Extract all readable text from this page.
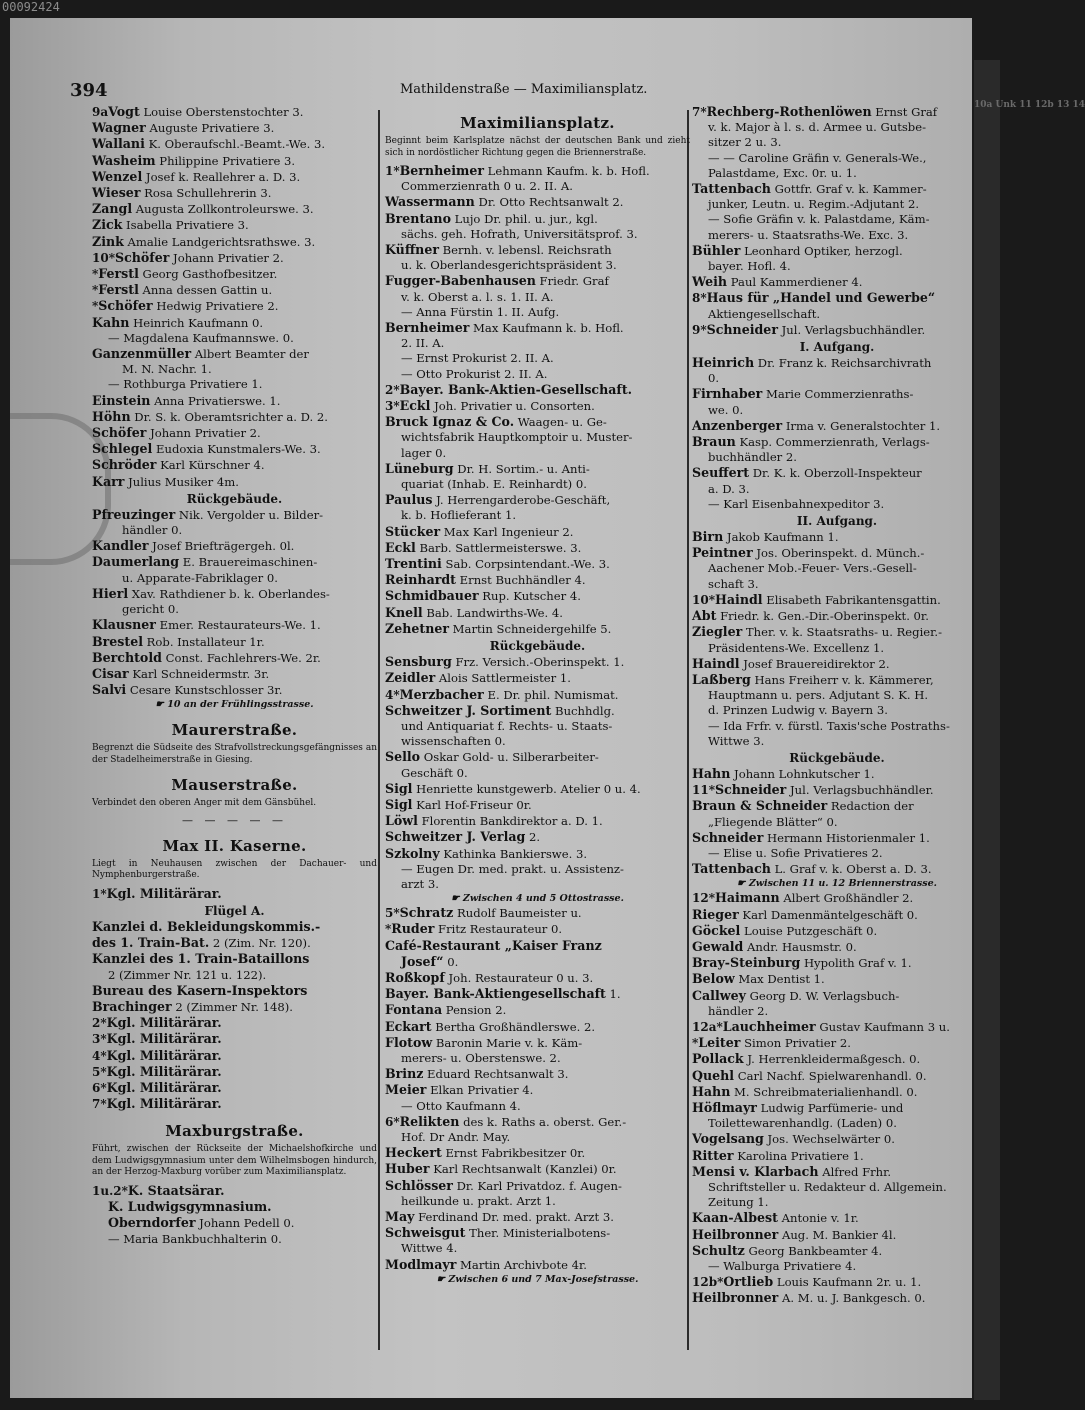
00092424
394	Mathildenstraße — Maximiliansplatz.
9aVogt Louise Oberstenstochter 3.
Wagner Auguste Privatiere 3.
Wallani K. Oberaufschl.-Beamt.-We. 3.
Washeim Philippine Privatiere 3.
Wenzel Josef k. Reallehrer a. D. 3.
Wieser Rosa Schullehrerin 3.
Zangl Augusta Zollkontroleurswe. 3.
Zick Isabella Privatiere 3.
Zink Amalie Landgerichtsrathswe. 3.
10*Schöfer Johann Privatier 2.
*Ferstl Georg Gasthofbesitzer.
*Ferstl Anna dessen Gattin u.
*Schöfer Hedwig Privatiere 2.
Kahn Heinrich Kaufmann 0.
— Magdalena Kaufmannswe. 0.
Ganzenmüller Albert Beamter der
M. N. Nachr. 1.
— Rothburga Privatiere 1.
Einstein Anna Privatierswe. 1.
Höhn Dr. S. k. Oberamtsrichter a. D. 2.
Schöfer Johann Privatier 2.
Schlegel Eudoxia Kunstmalers-We. 3.
Schröder Karl Kürschner 4.
Karr Julius Musiker 4m.
Rückgebäude.
Pfreuzinger Nik. Vergolder u. Bilder-
händler 0.
Kandler Josef Briefträgergeh. 0l.
Daumerlang E. Brauereimaschinen-
u. Apparate-Fabriklager 0.
Hierl Xav. Rathdiener b. k. Oberlandes-
gericht 0.
Klausner Emer. Restaurateurs-We. 1.
Brestel Rob. Installateur 1r.
Berchtold Const. Fachlehrers-We. 2r.
Cisar Karl Schneidermstr. 3r.
Salvi Cesare Kunstschlosser 3r.
☛ 10 an der Frühlingsstrasse.
Maurerstraße.
Begrenzt die Südseite des Strafvollstreckungsgefängnisses an der Stadelheimerstraße in Giesing.
Mauserstraße.
Verbindet den oberen Anger mit dem Gänsbühel.
— — — — —
Max II. Kaserne.
Liegt in Neuhausen zwischen der Dachauer- und Nymphenburgerstraße.
1*Kgl. Militärärar.
Flügel A.
Kanzlei d. Bekleidungskommis.-
des 1. Train-Bat. 2 (Zim. Nr. 120).
Kanzlei des 1. Train-Bataillons
2 (Zimmer Nr. 121 u. 122).
Bureau des Kasern-Inspektors
Brachinger 2 (Zimmer Nr. 148).
2*Kgl. Militärärar.
3*Kgl. Militärärar.
4*Kgl. Militärärar.
5*Kgl. Militärärar.
6*Kgl. Militärärar.
7*Kgl. Militärärar.
Maxburgstraße.
Führt, zwischen der Rückseite der Michaelshofkirche und dem Ludwigsgymnasium unter dem Wilhelmsbogen hindurch, an der Herzog-Maxburg vorüber zum Maximiliansplatz.
1u.2*K. Staatsärar.
K. Ludwigsgymnasium.
Oberndorfer Johann Pedell 0.
— Maria Bankbuchhalterin 0.
Maximiliansplatz.
Beginnt beim Karlsplatze nächst der deutschen Bank und zieht sich in nordöstlicher Richtung gegen die Briennerstraße.
1*Bernheimer Lehmann Kaufm. k. b. Hofl.
Commerzienrath 0 u. 2. II. A.
Wassermann Dr. Otto Rechtsanwalt 2.
Brentano Lujo Dr. phil. u. jur., kgl.
sächs. geh. Hofrath, Universitätsprof. 3.
Küffner Bernh. v. lebensl. Reichsrath
u. k. Oberlandesgerichtspräsident 3.
Fugger-Babenhausen Friedr. Graf
v. k. Oberst a. l. s. 1. II. A.
— Anna Fürstin 1. II. Aufg.
Bernheimer Max Kaufmann k. b. Hofl.
2. II. A.
— Ernst Prokurist 2. II. A.
— Otto Prokurist 2. II. A.
2*Bayer. Bank-Aktien-Gesellschaft.
3*Eckl Joh. Privatier u. Consorten.
Bruck Ignaz & Co. Waagen- u. Ge-
wichtsfabrik Hauptkomptoir u. Muster-
lager 0.
Lüneburg Dr. H. Sortim.- u. Anti-
quariat (Inhab. E. Reinhardt) 0.
Paulus J. Herrengarderobe-Geschäft,
k. b. Hoflieferant 1.
Stücker Max Karl Ingenieur 2.
Eckl Barb. Sattlermeisterswe. 3.
Trentini Sab. Corpsintendant.-We. 3.
Reinhardt Ernst Buchhändler 4.
Schmidbauer Rup. Kutscher 4.
Knell Bab. Landwirths-We. 4.
Zehetner Martin Schneidergehilfe 5.
Rückgebäude.
Sensburg Frz. Versich.-Oberinspekt. 1.
Zeidler Alois Sattlermeister 1.
4*Merzbacher E. Dr. phil. Numismat.
Schweitzer J. Sortiment Buchhdlg.
und Antiquariat f. Rechts- u. Staats-
wissenschaften 0.
Sello Oskar Gold- u. Silberarbeiter-
Geschäft 0.
Sigl Henriette kunstgewerb. Atelier 0 u. 4.
Sigl Karl Hof-Friseur 0r.
Löwl Florentin Bankdirektor a. D. 1.
Schweitzer J. Verlag 2.
Szkolny Kathinka Bankierswe. 3.
— Eugen Dr. med. prakt. u. Assistenz-
arzt 3.
☛ Zwischen 4 und 5 Ottostrasse.
5*Schratz Rudolf Baumeister u.
*Ruder Fritz Restaurateur 0.
Café-Restaurant „Kaiser Franz
Josef“ 0.
Roßkopf Joh. Restaurateur 0 u. 3.
Bayer. Bank-Aktiengesellschaft 1.
Fontana Pension 2.
Eckart Bertha Großhändlerswe. 2.
Flotow Baronin Marie v. k. Käm-
merers- u. Oberstenswe. 2.
Brinz Eduard Rechtsanwalt 3.
Meier Elkan Privatier 4.
— Otto Kaufmann 4.
6*Relikten des k. Raths a. oberst. Ger.-
Hof. Dr Andr. May.
Heckert Ernst Fabrikbesitzer 0r.
Huber Karl Rechtsanwalt (Kanzlei) 0r.
Schlösser Dr. Karl Privatdoz. f. Augen-
heilkunde u. prakt. Arzt 1.
May Ferdinand Dr. med. prakt. Arzt 3.
Schweisgut Ther. Ministerialbotens-
Wittwe 4.
Modlmayr Martin Archivbote 4r.
☛ Zwischen 6 und 7 Max-Josefstrasse.
7*Rechberg-Rothenlöwen Ernst Graf
v. k. Major à l. s. d. Armee u. Gutsbe-
sitzer 2 u. 3.
— — Caroline Gräfin v. Generals-We.,
Palastdame, Exc. 0r. u. 1.
Tattenbach Gottfr. Graf v. k. Kammer-
junker, Leutn. u. Regim.-Adjutant 2.
— Sofie Gräfin v. k. Palastdame, Käm-
merers- u. Staatsraths-We. Exc. 3.
Bühler Leonhard Optiker, herzogl.
bayer. Hofl. 4.
Weih Paul Kammerdiener 4.
8*Haus für „Handel und Gewerbe“
Aktiengesellschaft.
9*Schneider Jul. Verlagsbuchhändler.
I. Aufgang.
Heinrich Dr. Franz k. Reichsarchivrath
0.
Firnhaber Marie Commerzienraths-
we. 0.
Anzenberger Irma v. Generalstochter 1.
Braun Kasp. Commerzienrath, Verlags-
buchhändler 2.
Seuffert Dr. K. k. Oberzoll-Inspekteur
a. D. 3.
— Karl Eisenbahnexpeditor 3.
II. Aufgang.
Birn Jakob Kaufmann 1.
Peintner Jos. Oberinspekt. d. Münch.-
Aachener Mob.-Feuer- Vers.-Gesell-
schaft 3.
10*Haindl Elisabeth Fabrikantensgattin.
Abt Friedr. k. Gen.-Dir.-Oberinspekt. 0r.
Ziegler Ther. v. k. Staatsraths- u. Regier.-
Präsidentens-We. Excellenz 1.
Haindl Josef Brauereidirektor 2.
Laßberg Hans Freiherr v. k. Kämmerer,
Hauptmann u. pers. Adjutant S. K. H.
d. Prinzen Ludwig v. Bayern 3.
— Ida Frfr. v. fürstl. Taxis'sche Postraths-
Wittwe 3.
Rückgebäude.
Hahn Johann Lohnkutscher 1.
11*Schneider Jul. Verlagsbuchhändler.
Braun & Schneider Redaction der
„Fliegende Blätter“ 0.
Schneider Hermann Historienmaler 1.
— Elise u. Sofie Privatieres 2.
Tattenbach L. Graf v. k. Oberst a. D. 3.
☛ Zwischen 11 u. 12 Briennerstrasse.
12*Haimann Albert Großhändler 2.
Rieger Karl Damenmäntelgeschäft 0.
Göckel Louise Putzgeschäft 0.
Gewald Andr. Hausmstr. 0.
Bray-Steinburg Hypolith Graf v. 1.
Below Max Dentist 1.
Callwey Georg D. W. Verlagsbuch-
händler 2.
12a*Lauchheimer Gustav Kaufmann 3 u.
*Leiter Simon Privatier 2.
Pollack J. Herrenkleidermaßgesch. 0.
Quehl Carl Nachf. Spielwarenhandl. 0.
Hahn M. Schreibmaterialienhandl. 0.
Höflmayr Ludwig Parfümerie- und
Toilettewarenhandlg. (Laden) 0.
Vogelsang Jos. Wechselwärter 0.
Ritter Karolina Privatiere 1.
Mensi v. Klarbach Alfred Frhr.
Schriftsteller u. Redakteur d. Allgemein.
Zeitung 1.
Kaan-Albest Antonie v. 1r.
Heilbronner Aug. M. Bankier 4l.
Schultz Georg Bankbeamter 4.
— Walburga Privatiere 4.
12b*Ortlieb Louis Kaufmann 2r. u. 1.
Heilbronner A. M. u. J. Bankgesch. 0.
10a Unk 11 12b 13 14
